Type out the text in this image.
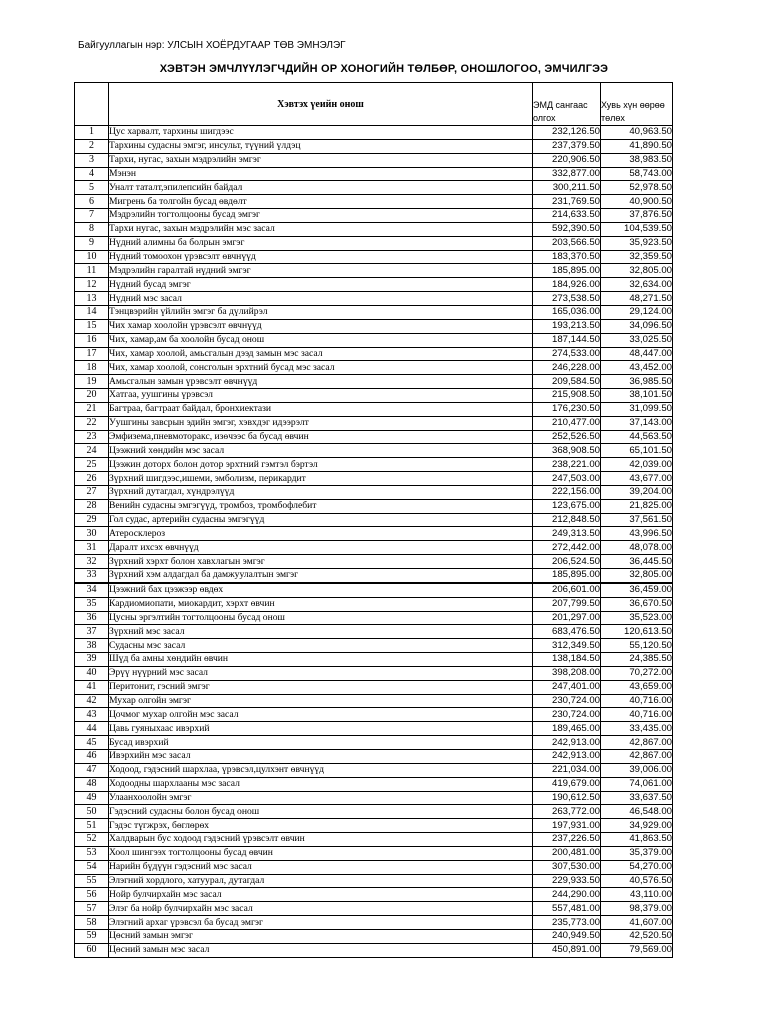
Байгууллагын нэр: УЛСЫН ХОЁРДУГААР ТӨВ ЭМНЭЛЭГ
ХЭВТЭН ЭМЧЛҮҮЛЭГЧДИЙН ОР ХОНОГИЙН ТӨЛБӨР, ОНОШЛОГОО, ЭМЧИЛГЭЭ
	Хэвтэх үеийн онош	ЭМД сангаас олгох	Хувь хүн өөрөө төлөх
1	Цус харвалт, тархины шигдээс	232,126.50	40,963.50
2	Тархины судасны эмгэг, инсульт, түүний үлдэц	237,379.50	41,890.50
3	Тархи, нугас, захын мэдрэлийн эмгэг	220,906.50	38,983.50
4	Мэнэн	332,877.00	58,743.00
5	Уналт таталт,эпилепсийн байдал	300,211.50	52,978.50
6	Мигрень ба толгойн бусад өвдөлт	231,769.50	40,900.50
7	Мэдрэлийн тогтолцооны бусад эмгэг	214,633.50	37,876.50
8	Тархи нугас, захын мэдрэлийн мэс засал	592,390.50	104,539.50
9	Нүдний алимны ба болрын эмгэг	203,566.50	35,923.50
10	Нүдний томоохон үрэвсэлт өвчнүүд	183,370.50	32,359.50
11	Мэдрэлийн гаралтай нүдний эмгэг	185,895.00	32,805.00
12	Нүдний бусад эмгэг	184,926.00	32,634.00
13	Нүдний мэс засал	273,538.50	48,271.50
14	Тэнцвэрийн үйлийн эмгэг ба дүлийрэл	165,036.00	29,124.00
15	Чих хамар хоолойн үрэвсэлт өвчнүүд	193,213.50	34,096.50
16	Чих, хамар,ам ба хоолойн бусад онош	187,144.50	33,025.50
17	Чих, хамар хоолой, амьсгалын дээд замын мэс засал	274,533.00	48,447.00
18	Чих, хамар хоолой, сонсголын эрхтний бусад мэс засал	246,228.00	43,452.00
19	Амьсгалын замын үрэвсэлт өвчнүүд	209,584.50	36,985.50
20	Хатгаа, уушгины үрэвсэл	215,908.50	38,101.50
21	Багтраа, багтраат байдал, бронхиектази	176,230.50	31,099.50
22	Уушгины завсрын эдийн эмгэг, хэвхдэг идээрэлт	210,477.00	37,143.00
23	Эмфизема,пневмоторакс, изөчээс ба бусад өвчин	252,526.50	44,563.50
24	Цээжний хөндийн мэс засал	368,908.50	65,101.50
25	Цээжин доторх болон дотор эрхтний гэмтэл бэртэл	238,221.00	42,039.00
26	Зүрхний шигдээс,ишеми, эмболизм, перикардит	247,503.00	43,677.00
27	Зүрхний дутагдал, хүндрэлүүд	222,156.00	39,204.00
28	Венийн судасны эмгэгүүд, тромбоз, тромбофлебит	123,675.00	21,825.00
29	Гол судас, артерийн судасны эмгэгүүд	212,848.50	37,561.50
30	Атеросклероз	249,313.50	43,996.50
31	Даралт ихсэх өвчнүүд	272,442.00	48,078.00
32	Зүрхний хэрхт болон хавхлагын эмгэг	206,524.50	36,445.50
33	Зүрхний хэм алдагдал ба дамжуулалтын эмгэг	185,895.00	32,805.00
34	Цээжний бах цээжээр өвдөх	206,601.00	36,459.00
35	Кардиомиопати, миокардит, хэрхт өвчин	207,799.50	36,670.50
36	Цусны эргэлтийн тогтолцооны бусад онош	201,297.00	35,523.00
37	Зүрхний мэс засал	683,476.50	120,613.50
38	Судасны мэс засал	312,349.50	55,120.50
39	Шүд ба амны хөндийн өвчин	138,184.50	24,385.50
40	Эрүү нүүрний мэс засал	398,208.00	70,272.00
41	Перитонит, гэсний эмгэг	247,401.00	43,659.00
42	Мухар олгойн эмгэг	230,724.00	40,716.00
43	Цочмог мухар олгойн мэс засал	230,724.00	40,716.00
44	Цавь гуяныхаас ивэрхий	189,465.00	33,435.00
45	Бусад ивэрхий	242,913.00	42,867.00
46	Ивэрхийн мэс засал	242,913.00	42,867.00
47	Ходоод, гэдэсний шархлаа, үрэвсэл,цулхэнт өвчнүүд	221,034.00	39,006.00
48	Ходоодны шархлааны мэс засал	419,679.00	74,061.00
49	Улаанхоолойн эмгэг	190,612.50	33,637.50
50	Гэдэсний судасны болон бусад онош	263,772.00	46,548.00
51	Гэдэс түгжрэх, бөглөрөх	197,931.00	34,929.00
52	Халдварын бус ходоод гэдэсний үрэвсэлт өвчин	237,226.50	41,863.50
53	Хоол шингээх тогтолцооны бусад өвчин	200,481.00	35,379.00
54	Нарийн бүдүүн гэдэсний мэс засал	307,530.00	54,270.00
55	Элэгний хордлого, хатуурал, дутагдал	229,933.50	40,576.50
56	Нойр булчирхайн мэс засал	244,290.00	43,110.00
57	Элэг ба нойр булчирхайн мэс засал	557,481.00	98,379.00
58	Элэгний архаг үрэвсэл ба бусад эмгэг	235,773.00	41,607.00
59	Цөсний замын эмгэг	240,949.50	42,520.50
60	Цөсний замын мэс засал	450,891.00	79,569.00
